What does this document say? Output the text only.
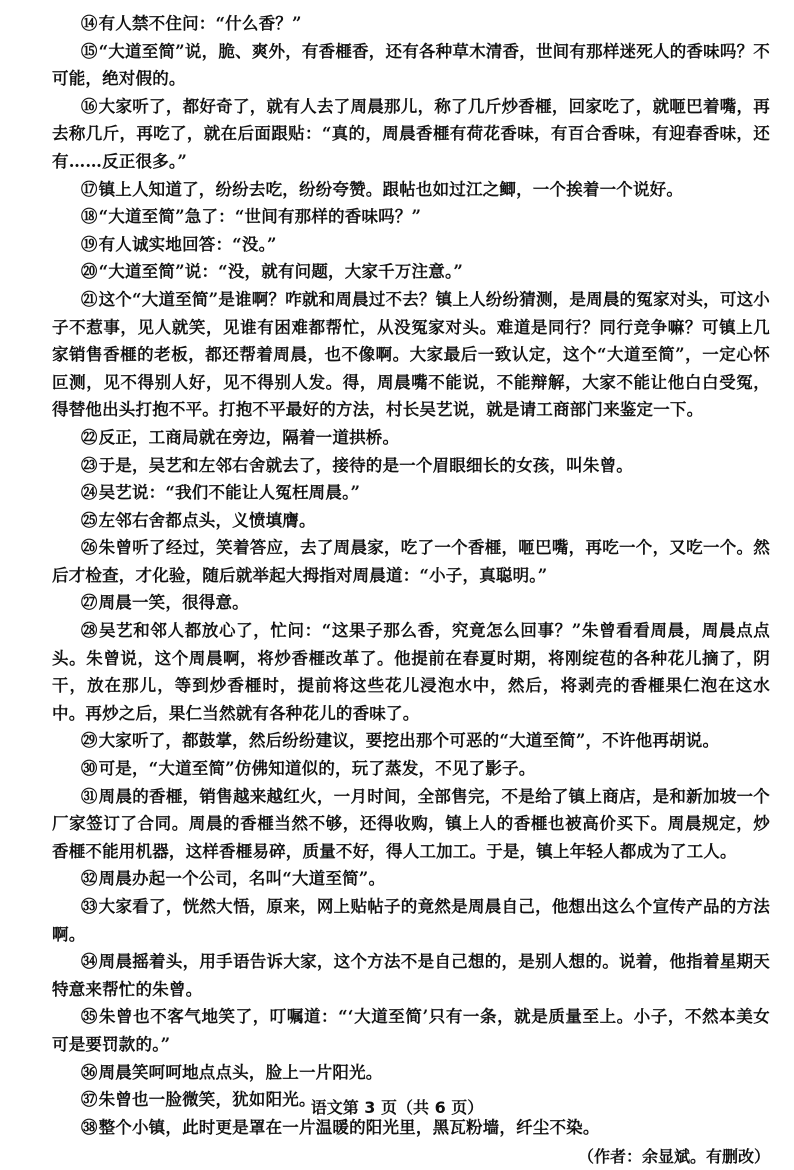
⑭有人禁不住问：“什么香？”

⑮“大道至简”说，脆、爽外，有香榧香，还有各种草木清香，世间有那样迷死人的香味吗？不可能，绝对假的。

⑯大家听了，都好奇了，就有人去了周晨那儿，称了几斤炒香榧，回家吃了，就咂巴着嘴，再去称几斤，再吃了，就在后面跟贴：“真的，周晨香榧有荷花香味，有百合香味，有迎春香味，还有……反正很多。”

⑰镇上人知道了，纷纷去吃，纷纷夸赞。跟帖也如过江之鲫，一个挨着一个说好。

⑱“大道至简”急了：“世间有那样的香味吗？”

⑲有人诚实地回答：“没。”

⑳“大道至简”说：“没，就有问题，大家千万注意。”

㉑这个“大道至简”是谁啊？咋就和周晨过不去？镇上人纷纷猜测，是周晨的冤家对头，可这小子不惹事，见人就笑，见谁有困难都帮忙，从没冤家对头。难道是同行？同行竞争嘛？可镇上几家销售香榧的老板，都还帮着周晨，也不像啊。大家最后一致认定，这个“大道至简”，一定心怀叵测，见不得别人好，见不得别人发。得，周晨嘴不能说，不能辩解，大家不能让他白白受冤，得替他出头打抱不平。打抱不平最好的方法，村长吴艺说，就是请工商部门来鉴定一下。

㉒反正，工商局就在旁边，隔着一道拱桥。

㉓于是，吴艺和左邻右舍就去了，接待的是一个眉眼细长的女孩，叫朱曾。

㉔吴艺说：“我们不能让人冤枉周晨。”

㉕左邻右舍都点头，义愤填膺。

㉖朱曾听了经过，笑着答应，去了周晨家，吃了一个香榧，咂巴嘴，再吃一个，又吃一个。然后才检查，才化验，随后就举起大拇指对周晨道：“小子，真聪明。”

㉗周晨一笑，很得意。

㉘吴艺和邻人都放心了，忙问：“这果子那么香，究竟怎么回事？”朱曾看看周晨，周晨点点头。朱曾说，这个周晨啊，将炒香榧改革了。他提前在春夏时期，将刚绽苞的各种花儿摘了，阴干，放在那儿，等到炒香榧时，提前将这些花儿浸泡水中，然后，将剥壳的香榧果仁泡在这水中。再炒之后，果仁当然就有各种花儿的香味了。

㉙大家听了，都鼓掌，然后纷纷建议，要挖出那个可恶的“大道至简”，不许他再胡说。

㉚可是，“大道至简”仿佛知道似的，玩了蒸发，不见了影子。

㉛周晨的香榧，销售越来越红火，一月时间，全部售完，不是给了镇上商店，是和新加坡一个厂家签订了合同。周晨的香榧当然不够，还得收购，镇上人的香榧也被高价买下。周晨规定，炒香榧不能用机器，这样香榧易碎，质量不好，得人工加工。于是，镇上年轻人都成为了工人。

㉜周晨办起一个公司，名叫“大道至简”。

㉝大家看了，恍然大悟，原来，网上贴帖子的竟然是周晨自己，他想出这么个宣传产品的方法啊。

㉞周晨摇着头，用手语告诉大家，这个方法不是自己想的，是别人想的。说着，他指着星期天特意来帮忙的朱曾。

㉟朱曾也不客气地笑了，叮嘱道：“‘大道至简’只有一条，就是质量至上。小子，不然本美女可是要罚款的。”

㊱周晨笑呵呵地点点头，脸上一片阳光。

㊲朱曾也一脸微笑，犹如阳光。

㊳整个小镇，此时更是罩在一片温暖的阳光里，黑瓦粉墙，纤尘不染。

（作者：余显斌。有删改）

语文第 3 页（共 6 页）
